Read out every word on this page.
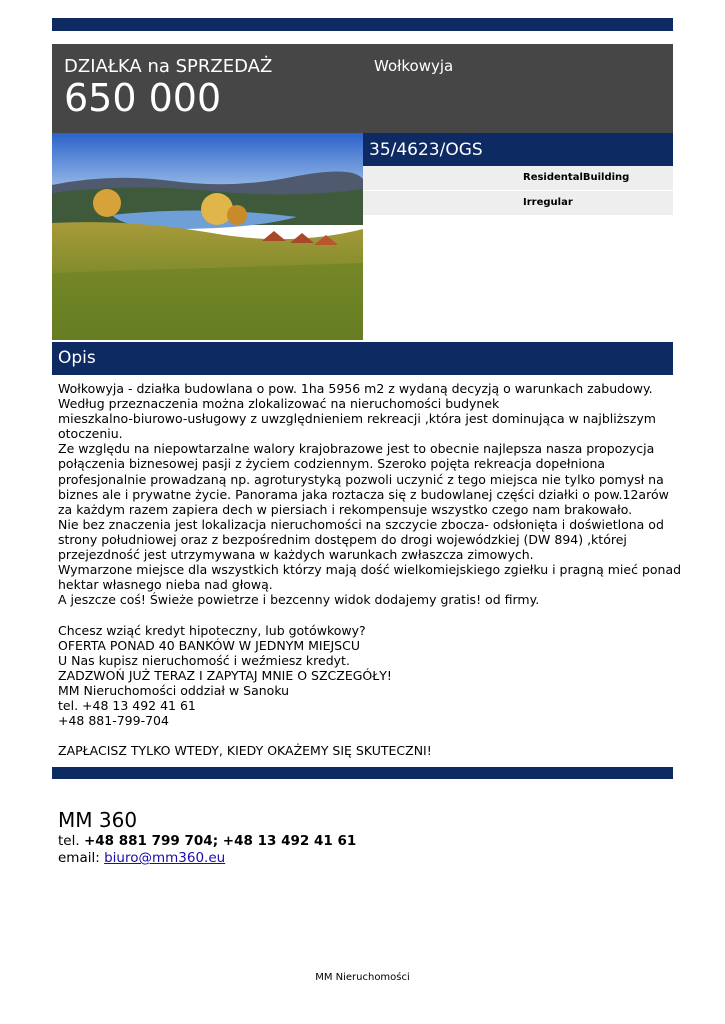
DZIAŁKA na SPRZEDAŻ
650 000
Wołkowyja
35/4623/OGS
ResidentalBuilding
Irregular
Opis

Wołkowyja - działka budowlana o pow. 1ha 5956 m2 z wydaną decyzją o warunkach zabudowy.

Według przeznaczenia można zlokalizować na nieruchomości budynek

mieszkalno-biurowo-usługowy z uwzględnieniem rekreacji ,która jest dominująca w najbliższym

otoczeniu.

Ze względu na niepowtarzalne walory krajobrazowe jest to obecnie najlepsza nasza propozycja

połączenia biznesowej pasji z życiem codziennym. Szeroko pojęta rekreacja dopełniona

profesjonalnie prowadzaną np. agroturystyką pozwoli uczynić z tego miejsca nie tylko pomysł na

biznes ale i prywatne życie. Panorama jaka roztacza się z budowlanej części działki o pow.12arów

za każdym razem zapiera dech w piersiach i rekompensuje wszystko czego nam brakowało.

Nie bez znaczenia jest lokalizacja nieruchomości na szczycie zbocza- odsłonięta i doświetlona od

strony południowej oraz z bezpośrednim dostępem do drogi wojewódzkiej (DW 894) ,której

przejezdność jest utrzymywana w każdych warunkach zwłaszcza zimowych.

Wymarzone miejsce dla wszystkich którzy mają dość wielkomiejskiego zgiełku i pragną mieć ponad

hektar własnego nieba nad głową.

A jeszcze coś! Świeże powietrze i bezcenny widok dodajemy gratis! od firmy.

Chcesz wziąć kredyt hipoteczny, lub gotówkowy?

OFERTA PONAD 40 BANKÓW W JEDNYM MIEJSCU

U Nas kupisz nieruchomość i weźmiesz kredyt.

ZADZWOŃ JUŻ TERAZ I ZAPYTAJ MNIE O SZCZEGÓŁY!

MM Nieruchomości oddział w Sanoku

tel. +48 13 492 41 61

+48 881-799-704

ZAPŁACISZ TYLKO WTEDY, KIEDY OKAŻEMY SIĘ SKUTECZNI!

MM 360
tel. +48 881 799 704; +48 13 492 41 61
email: biuro@mm360.eu
MM Nieruchomości
